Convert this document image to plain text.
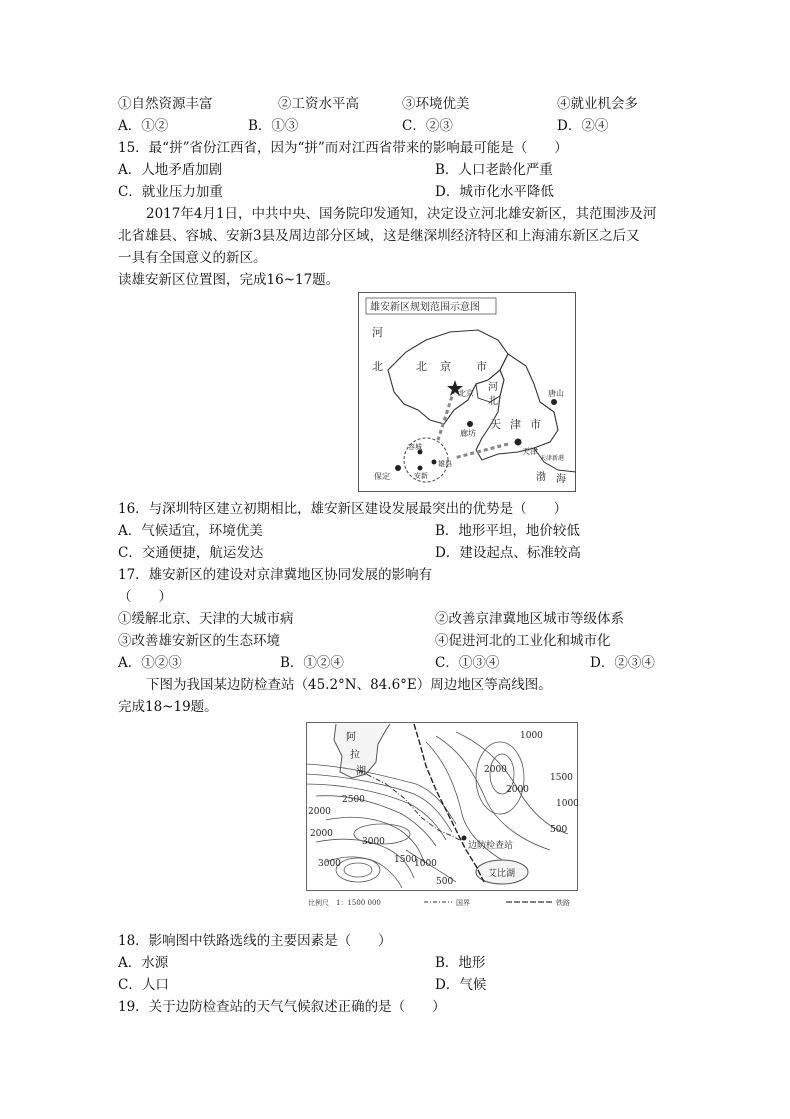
①自然资源丰富	②工资水平高	③环境优美	④就业机会多
A．①②	B．①③	C．②③	D．②④
15．最“拼”省份江西省，因为“拼”而对江西省带来的影响最可能是（　　）
A．人地矛盾加剧	B．人口老龄化严重
C．就业压力加重	D．城市化水平降低
2017年4月1日，中共中央、国务院印发通知，决定设立河北雄安新区，其范围涉及河
北省雄县、容城、安新3县及周边部分区域，这是继深圳经济特区和上海浦东新区之后又
一具有全国意义的新区。
读雄安新区位置图，完成16~17题。
雄安新区规划范围示意图
河
北	北 京 市
北京
河
北
廊坊
天 津 市
天津
唐山
容城
雄县
安新
保定
天津新港
渤 海
16．与深圳特区建立初期相比，雄安新区建设发展最突出的优势是（　　）
A．气候适宜，环境优美	B．地形平坦，地价较低
C．交通便捷，航运发达	D．建设起点、标准较高
17．雄安新区的建设对京津冀地区协同发展的影响有
（　　）
①缓解北京、天津的大城市病	②改善京津冀地区城市等级体系
③改善雄安新区的生态环境	④促进河北的工业化和城市化
A．①②③	B．①②④	C．①③④	D．②③④
下图为我国某边防检查站（45.2°N、84.6°E）周边地区等高线图。
完成18~19题。
阿
拉
湖
边防检查站
艾比湖
1000
2000
1500
2000
1000
500
2500
2000
2000
3000
1500
1000
3000
500
比例尺　1：1500 000	国界	铁路
18．影响图中铁路选线的主要因素是（　　）
A．水源	B．地形
C．人口	D．气候
19．关于边防检查站的天气气候叙述正确的是（　　）
